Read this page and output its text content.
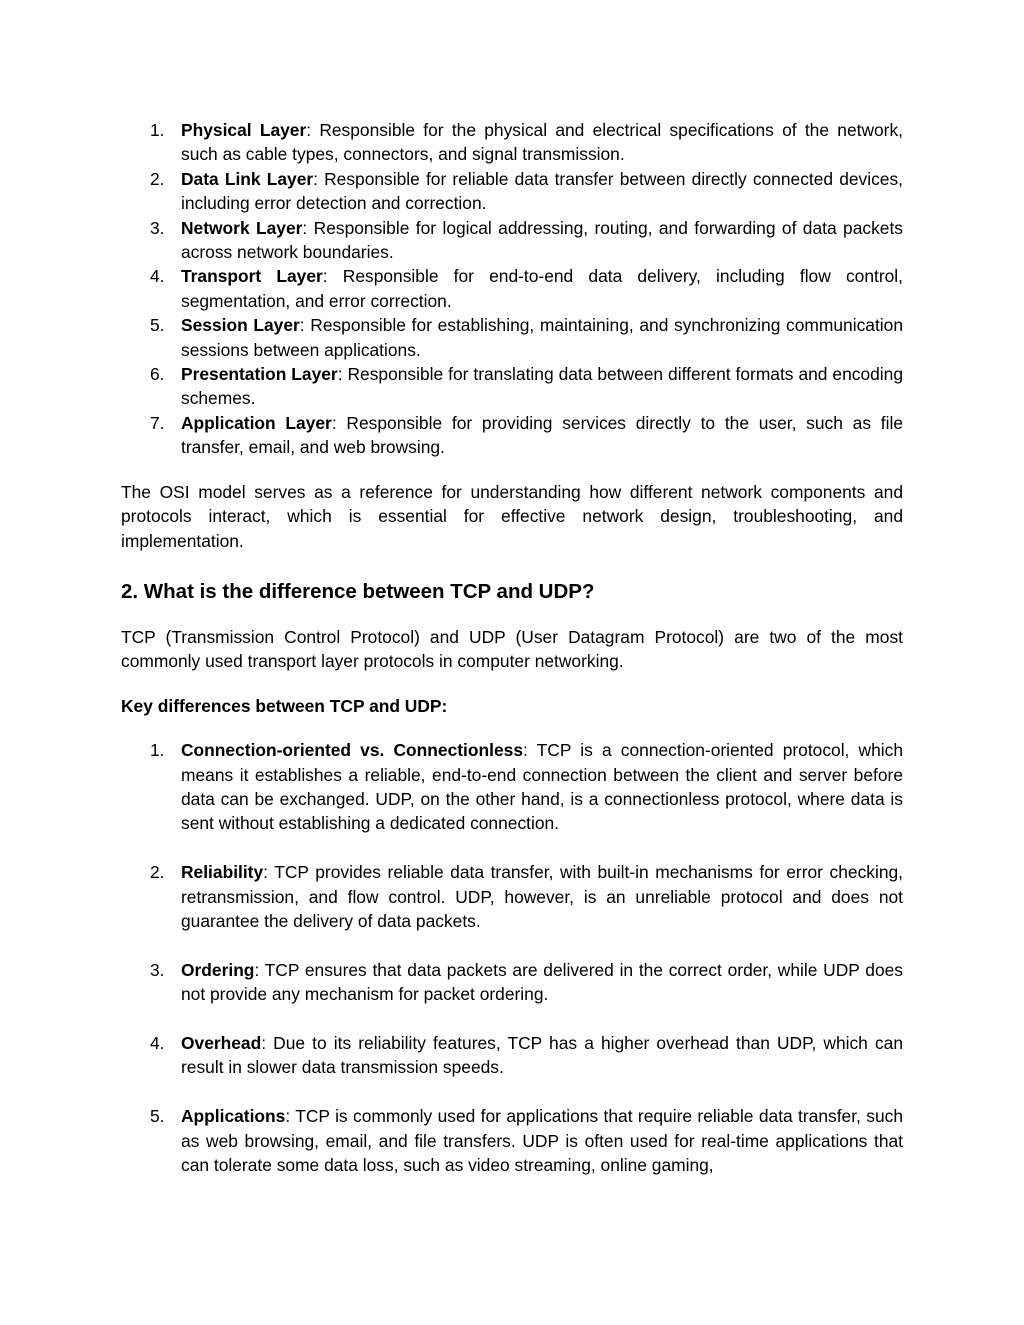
1. Physical Layer: Responsible for the physical and electrical specifications of the network, such as cable types, connectors, and signal transmission.
2. Data Link Layer: Responsible for reliable data transfer between directly connected devices, including error detection and correction.
3. Network Layer: Responsible for logical addressing, routing, and forwarding of data packets across network boundaries.
4. Transport Layer: Responsible for end-to-end data delivery, including flow control, segmentation, and error correction.
5. Session Layer: Responsible for establishing, maintaining, and synchronizing communication sessions between applications.
6. Presentation Layer: Responsible for translating data between different formats and encoding schemes.
7. Application Layer: Responsible for providing services directly to the user, such as file transfer, email, and web browsing.

The OSI model serves as a reference for understanding how different network components and protocols interact, which is essential for effective network design, troubleshooting, and implementation.

2. What is the difference between TCP and UDP?

TCP (Transmission Control Protocol) and UDP (User Datagram Protocol) are two of the most commonly used transport layer protocols in computer networking.

Key differences between TCP and UDP:

1. Connection-oriented vs. Connectionless: TCP is a connection-oriented protocol, which means it establishes a reliable, end-to-end connection between the client and server before data can be exchanged. UDP, on the other hand, is a connectionless protocol, where data is sent without establishing a dedicated connection.
2. Reliability: TCP provides reliable data transfer, with built-in mechanisms for error checking, retransmission, and flow control. UDP, however, is an unreliable protocol and does not guarantee the delivery of data packets.
3. Ordering: TCP ensures that data packets are delivered in the correct order, while UDP does not provide any mechanism for packet ordering.
4. Overhead: Due to its reliability features, TCP has a higher overhead than UDP, which can result in slower data transmission speeds.
5. Applications: TCP is commonly used for applications that require reliable data transfer, such as web browsing, email, and file transfers. UDP is often used for real-time applications that can tolerate some data loss, such as video streaming, online gaming,
